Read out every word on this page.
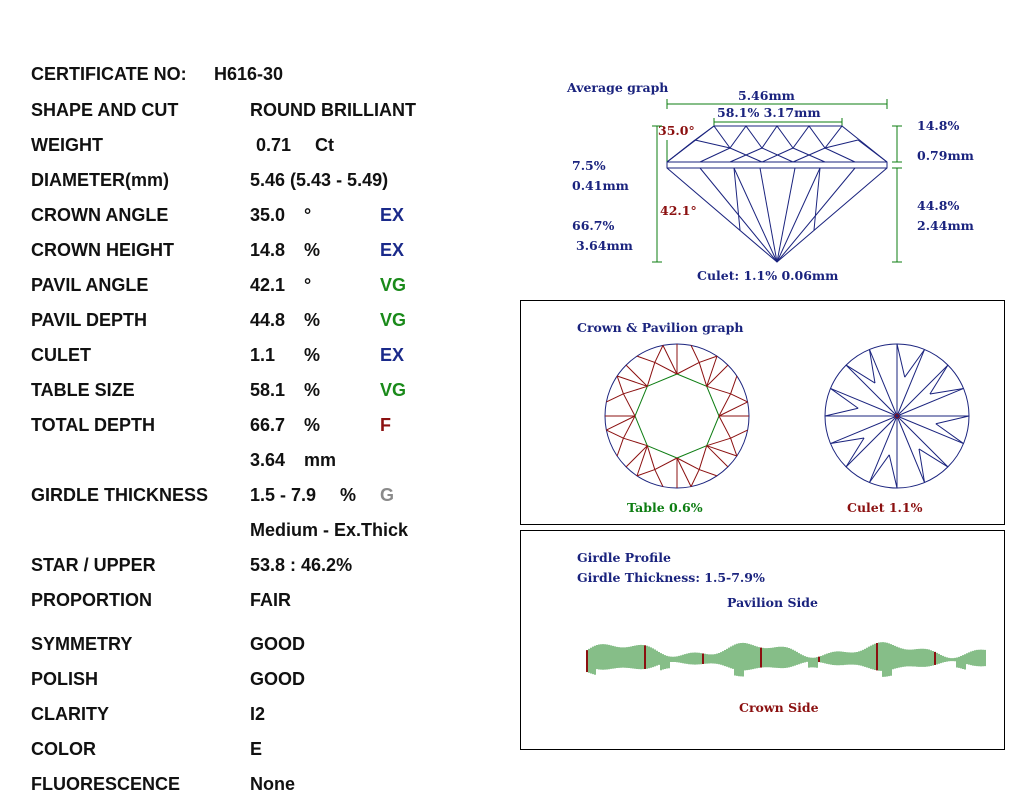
CERTIFICATE NO: H616-30
SHAPE AND CUT	ROUND BRILLIANT
WEIGHT	0.71 Ct
DIAMETER(mm)	5.46 (5.43 - 5.49)
CROWN ANGLE	35.0 °	EX
CROWN HEIGHT	14.8 %	EX
PAVIL ANGLE	42.1 °	VG
PAVIL DEPTH	44.8 %	VG
CULET	1.1 %	EX
TABLE SIZE	58.1 %	VG
TOTAL DEPTH	66.7 %	F
3.64 mm
GIRDLE THICKNESS 1.5 - 7.9 % G
Medium - Ex.Thick
STAR / UPPER	53.8 : 46.2%
PROPORTION	FAIR
SYMMETRY	GOOD
POLISH	GOOD
CLARITY	I2
COLOR	E
FLUORESCENCE	None
Average graph
5.46mm
58.1% 3.17mm
35.0°	14.8%
0.79mm
7.5%
0.41mm
42.1°	44.8%
2.44mm
66.7%
3.64mm
Culet: 1.1% 0.06mm
Crown & Pavilion graph
Table 0.6%	Culet 1.1%
Girdle Profile
Girdle Thickness: 1.5-7.9%
Pavilion Side
Crown Side
